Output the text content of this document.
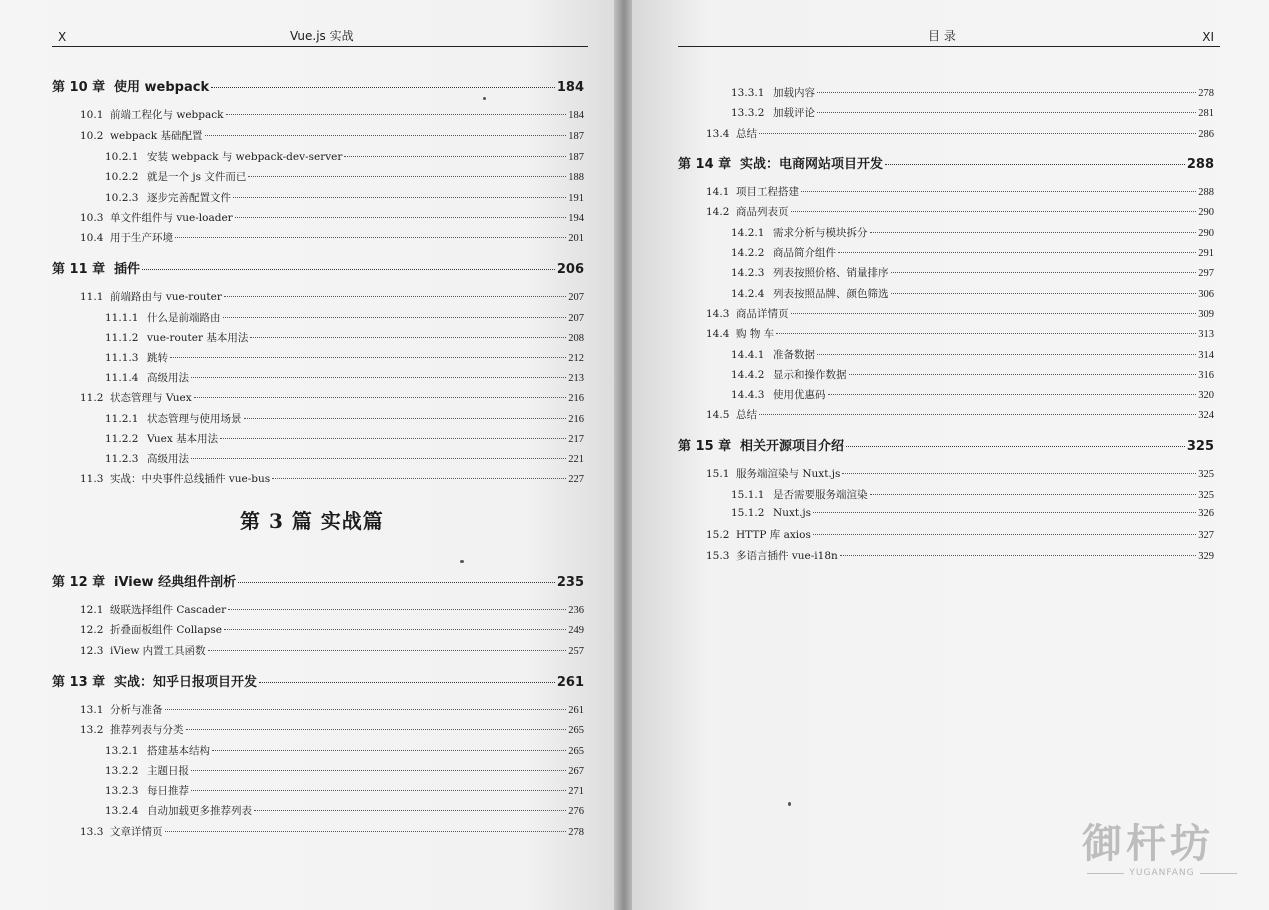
X	Vue.js 实战
第 10 章 使用 webpack	184
10.1 前端工程化与 webpack	184
10.2 webpack 基础配置	187
10.2.1 安装 webpack 与 webpack-dev-server	187
10.2.2 就是一个 js 文件而已	188
10.2.3 逐步完善配置文件	191
10.3 单文件组件与 vue-loader	194
10.4 用于生产环境	201
第 11 章 插件	206
11.1 前端路由与 vue-router	207
11.1.1 什么是前端路由	207
11.1.2 vue-router 基本用法	208
11.1.3 跳转	212
11.1.4 高级用法	213
11.2 状态管理与 Vuex	216
11.2.1 状态管理与使用场景	216
11.2.2 Vuex 基本用法	217
11.2.3 高级用法	221
11.3 实战：中央事件总线插件 vue-bus	227
第 12 章 iView 经典组件剖析	235
12.1 级联选择组件 Cascader	236
12.2 折叠面板组件 Collapse	249
12.3 iView 内置工具函数	257
第 13 章 实战：知乎日报项目开发	261
13.1 分析与准备	261
13.2 推荐列表与分类	265
13.2.1 搭建基本结构	265
13.2.2 主题日报	267
13.2.3 每日推荐	271
13.2.4 自动加载更多推荐列表	276
13.3 文章详情页	278
第 3 篇 实战篇
目 录	XI
13.3.1 加载内容	278
13.3.2 加载评论	281
13.4 总结	286
第 14 章 实战：电商网站项目开发	288
14.1 项目工程搭建	288
14.2 商品列表页	290
14.2.1 需求分析与模块拆分	290
14.2.2 商品简介组件	291
14.2.3 列表按照价格、销量排序	297
14.2.4 列表按照品牌、颜色筛选	306
14.3 商品详情页	309
14.4 购 物 车	313
14.4.1 准备数据	314
14.4.2 显示和操作数据	316
14.4.3 使用优惠码	320
14.5 总结	324
第 15 章 相关开源项目介绍	325
15.1 服务端渲染与 Nuxt.js	325
15.1.1 是否需要服务端渲染	325
15.1.2 Nuxt.js	326
15.2 HTTP 库 axios	327
15.3 多语言插件 vue-i18n	329
御杆坊
YUGANFANG
